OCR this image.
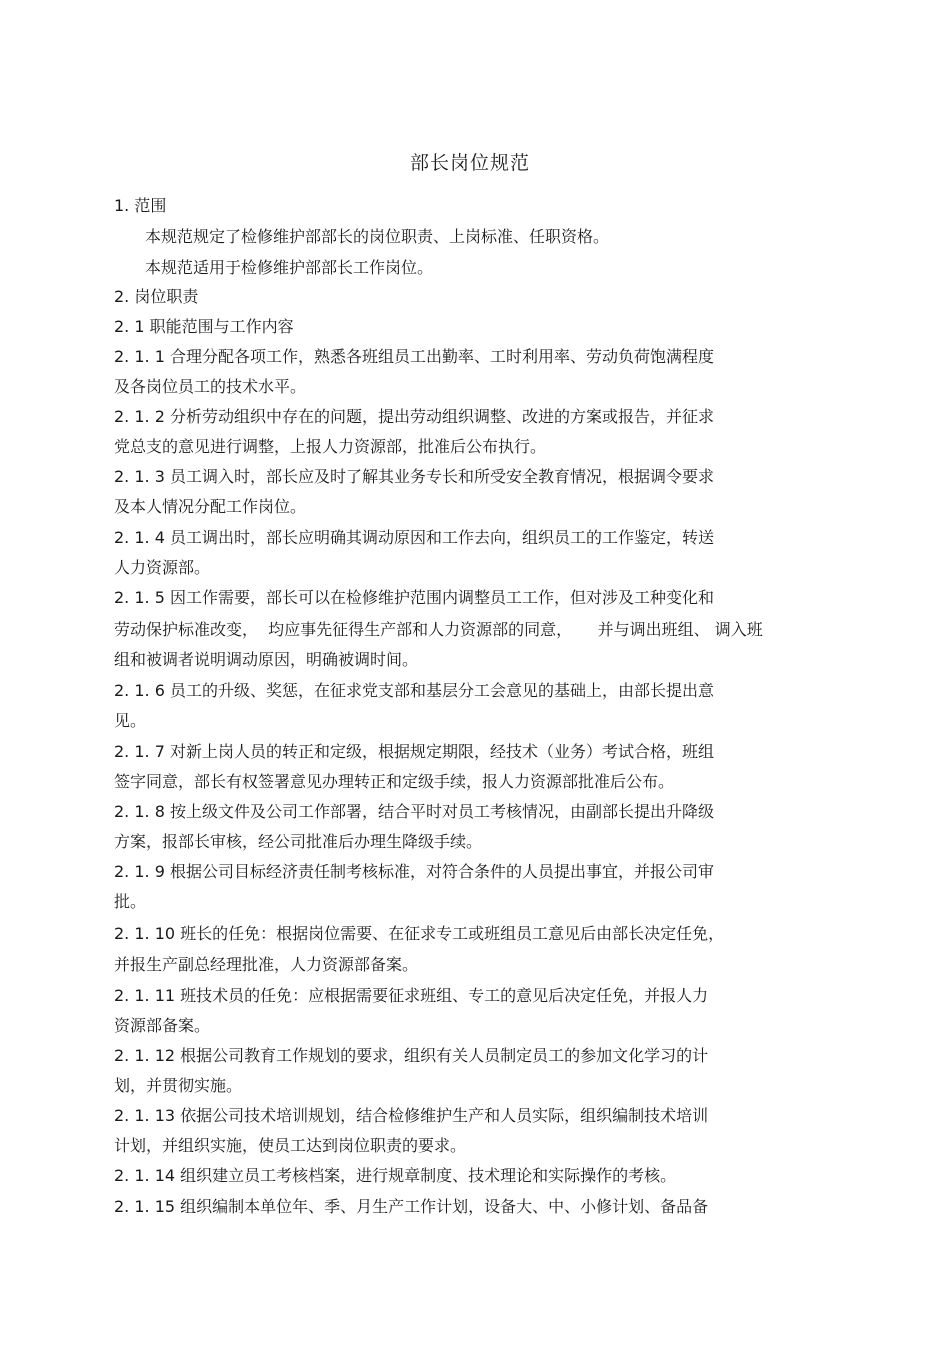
部长岗位规范
1. 范围
本规范规定了检修维护部部长的岗位职责、上岗标准、任职资格。
本规范适用于检修维护部部长工作岗位。
2. 岗位职责
2. 1 职能范围与工作内容
2. 1. 1 合理分配各项工作，熟悉各班组员工出勤率、工时利用率、劳动负荷饱满程度
及各岗位员工的技术水平。
2. 1. 2 分析劳动组织中存在的问题，提出劳动组织调整、改进的方案或报告，并征求
党总支的意见进行调整，上报人力资源部，批准后公布执行。
2. 1. 3 员工调入时，部长应及时了解其业务专长和所受安全教育情况，根据调令要求
及本人情况分配工作岗位。
2. 1. 4 员工调出时，部长应明确其调动原因和工作去向，组织员工的工作鉴定，转送
人力资源部。
2. 1. 5 因工作需要，部长可以在检修维护范围内调整员工工作，但对涉及工种变化和
劳动保护标准改变，  均应事先征得生产部和人力资源部的同意，     并与调出班组、 调入班
组和被调者说明调动原因，明确被调时间。
2. 1. 6 员工的升级、奖惩，在征求党支部和基层分工会意见的基础上，由部长提出意
见。
2. 1. 7 对新上岗人员的转正和定级，根据规定期限，经技术（业务）考试合格，班组
签字同意，部长有权签署意见办理转正和定级手续，报人力资源部批准后公布。
2. 1. 8 按上级文件及公司工作部署，结合平时对员工考核情况，由副部长提出升降级
方案，报部长审核，经公司批准后办理生降级手续。
2. 1. 9 根据公司目标经济责任制考核标准，对符合条件的人员提出事宜，并报公司审
批。
2. 1. 10 班长的任免：根据岗位需要、在征求专工或班组员工意见后由部长决定任免，
并报生产副总经理批准，人力资源部备案。
2. 1. 11 班技术员的任免：应根据需要征求班组、专工的意见后决定任免，并报人力
资源部备案。
2. 1. 12 根据公司教育工作规划的要求，组织有关人员制定员工的参加文化学习的计
划，并贯彻实施。
2. 1. 13 依据公司技术培训规划，结合检修维护生产和人员实际，组织编制技术培训
计划，并组织实施，使员工达到岗位职责的要求。
2. 1. 14 组织建立员工考核档案，进行规章制度、技术理论和实际操作的考核。
2. 1. 15 组织编制本单位年、季、月生产工作计划，设备大、中、小修计划、备品备
